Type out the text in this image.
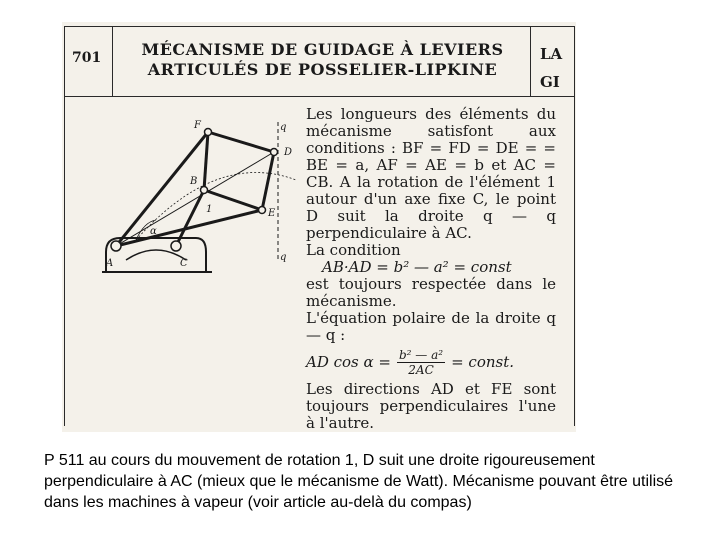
701	MÉCANISME DE GUIDAGE À LEVIERS
ARTICULÉS DE POSSELIER-LIPKINE
LA
GI
F
D
B
E
A	C
q
q
1
α

Les longueurs des éléments du mécanisme satisfont aux conditions : BF = FD = DE = = BE = a, AF = AE = b et AC = CB. A la rotation de l'élément 1 autour d'un axe fixe C, le point D suit la droite q — q perpendiculaire à AC.

La condition

AB·AD = b² — a² = const

est toujours respectée dans le mécanisme.

L'équation polaire de la droite q — q :

AD $\cos \alpha = \frac{\text{b² — a²}}{2AC}$ = const.

Les directions AD et FE sont toujours perpendiculaires l'une à l'autre.

P 511 au cours du mouvement de rotation 1, D suit une droite rigoureusement perpendiculaire à AC (mieux que le mécanisme de Watt). Mécanisme pouvant être utilisé dans les machines à vapeur (voir article au-delà du compas)
